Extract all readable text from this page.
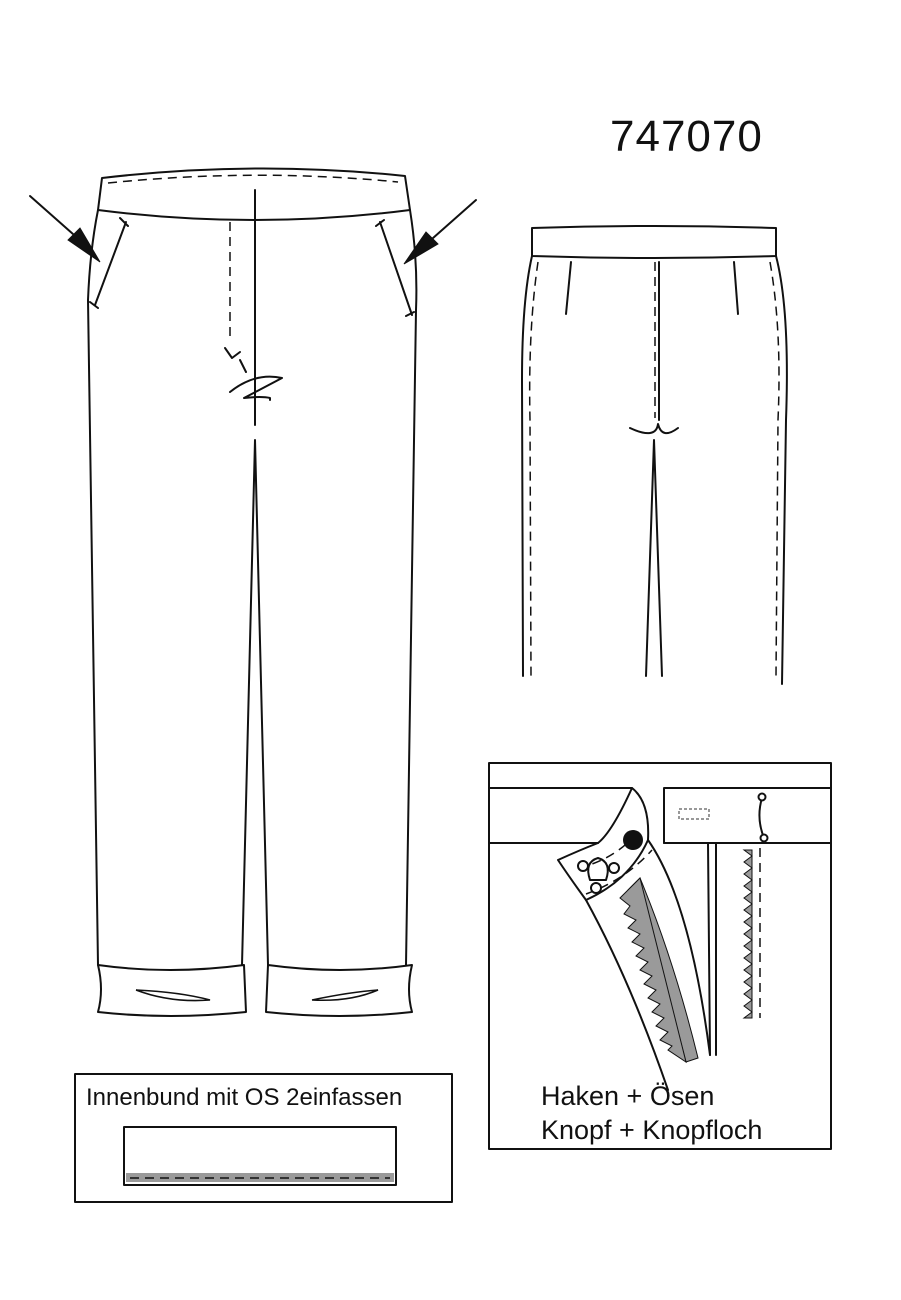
747070
Innenbund mit OS 2einfassen	Haken + Ösen
Knopf + Knopfloch
